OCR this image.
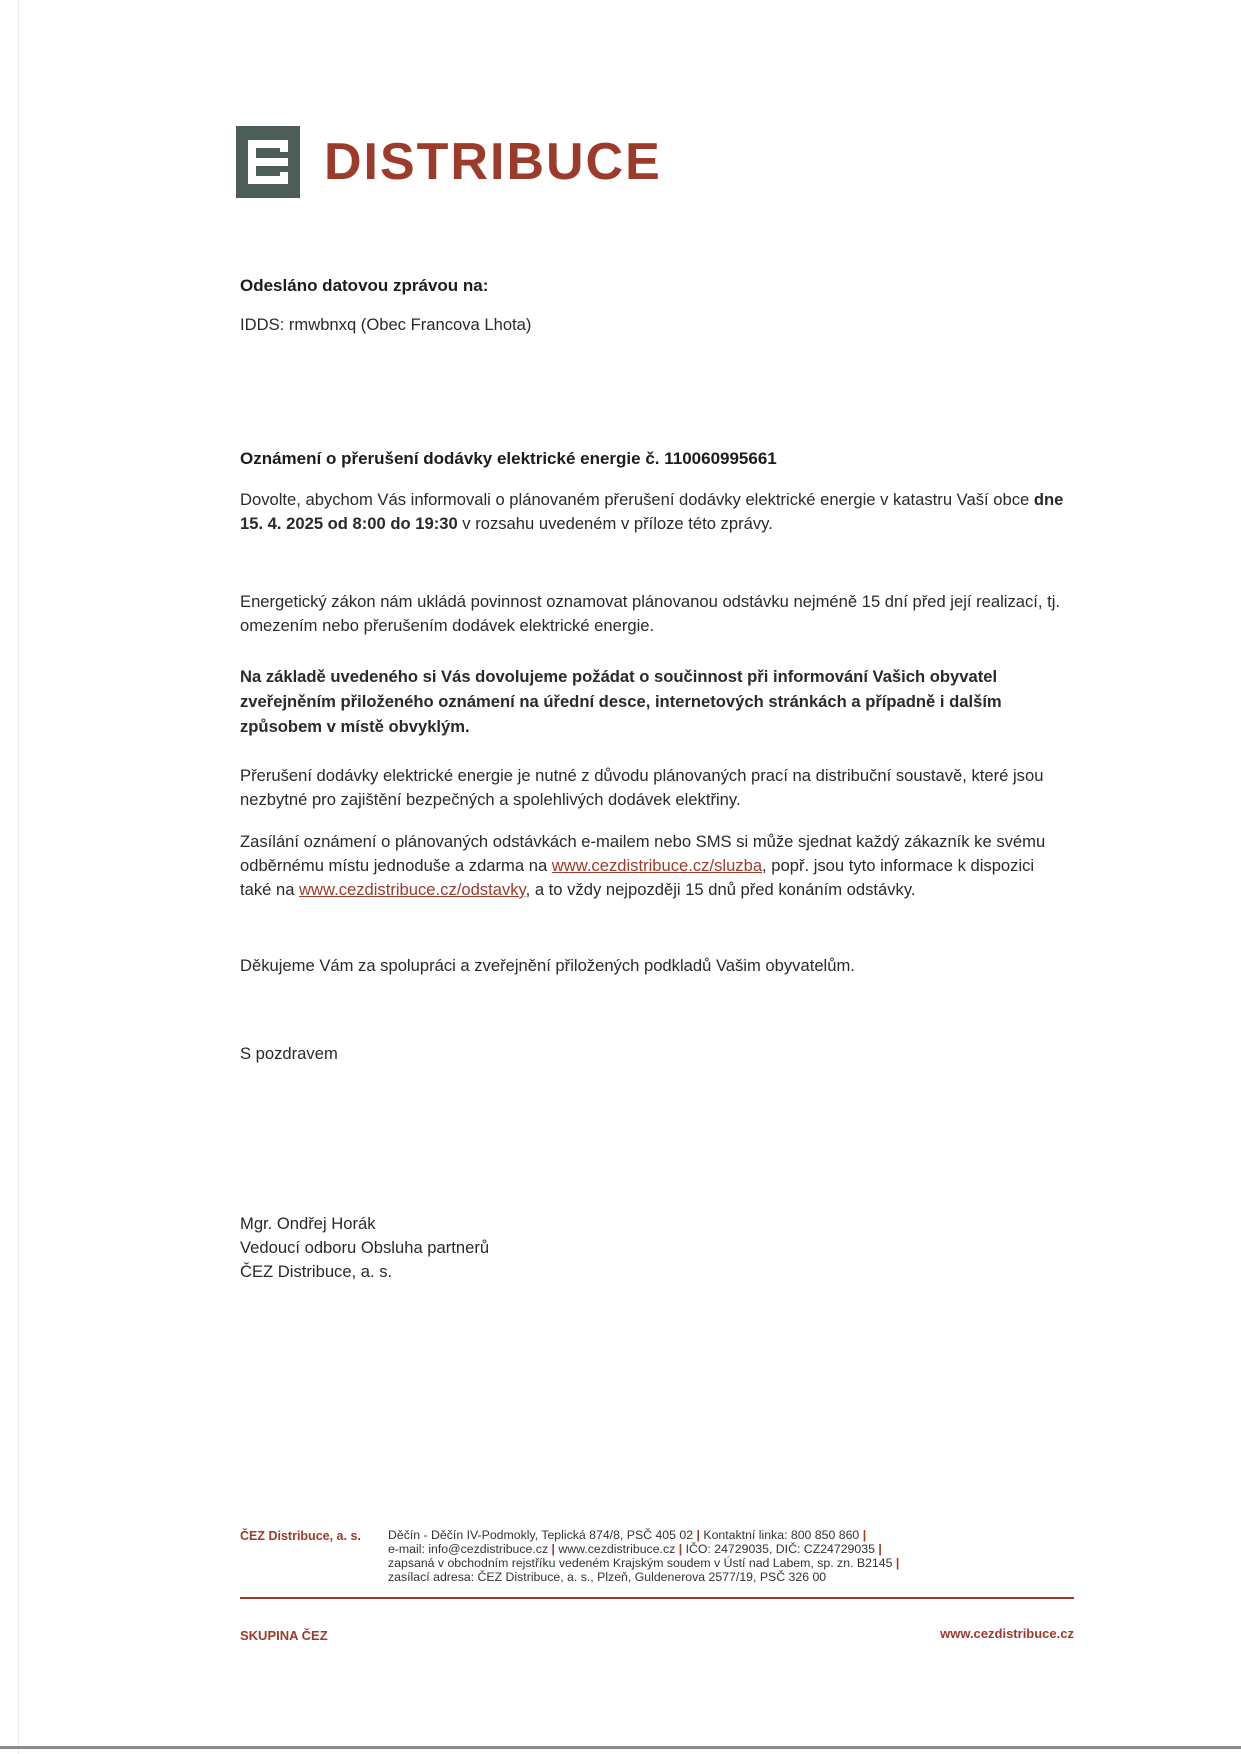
DISTRIBUCE

Odesláno datovou zprávou na:

IDDS: rmwbnxq (Obec Francova Lhota)

Oznámení o přerušení dodávky elektrické energie č. 110060995661

Dovolte, abychom Vás informovali o plánovaném přerušení dodávky elektrické energie v katastru Vaší obce dne 15. 4. 2025 od 8:00 do 19:30 v rozsahu uvedeném v příloze této zprávy.

Energetický zákon nám ukládá povinnost oznamovat plánovanou odstávku nejméně 15 dní před její realizací, tj. omezením nebo přerušením dodávek elektrické energie.

Na základě uvedeného si Vás dovolujeme požádat o součinnost při informování Vašich obyvatel zveřejněním přiloženého oznámení na úřední desce, internetových stránkách a případně i dalším způsobem v místě obvyklým.

Přerušení dodávky elektrické energie je nutné z důvodu plánovaných prací na distribuční soustavě, které jsou nezbytné pro zajištění bezpečných a spolehlivých dodávek elektřiny.

Zasílání oznámení o plánovaných odstávkách e-mailem nebo SMS si může sjednat každý zákazník ke svému odběrnému místu jednoduše a zdarma na www.cezdistribuce.cz/sluzba, popř. jsou tyto informace k dispozici také na www.cezdistribuce.cz/odstavky, a to vždy nejpozději 15 dnů před konáním odstávky.

Děkujeme Vám za spolupráci a zveřejnění přiložených podkladů Vašim obyvatelům.

S pozdravem

Mgr. Ondřej Horák

Vedoucí odboru Obsluha partnerů

ČEZ Distribuce, a. s.

ČEZ Distribuce, a. s. Děčín - Děčín IV-Podmokly, Teplická 874/8, PSČ 405 02 | Kontaktní linka: 800 850 860 |
e-mail: info@cezdistribuce.cz | www.cezdistribuce.cz | IČO: 24729035, DIČ: CZ24729035 |
zapsaná v obchodním rejstříku vedeném Krajským soudem v Ústí nad Labem, sp. zn. B2145 |
zasílací adresa: ČEZ Distribuce, a. s., Plzeň, Guldenerova 2577/19, PSČ 326 00
SKUPINA ČEZ	www.cezdistribuce.cz
